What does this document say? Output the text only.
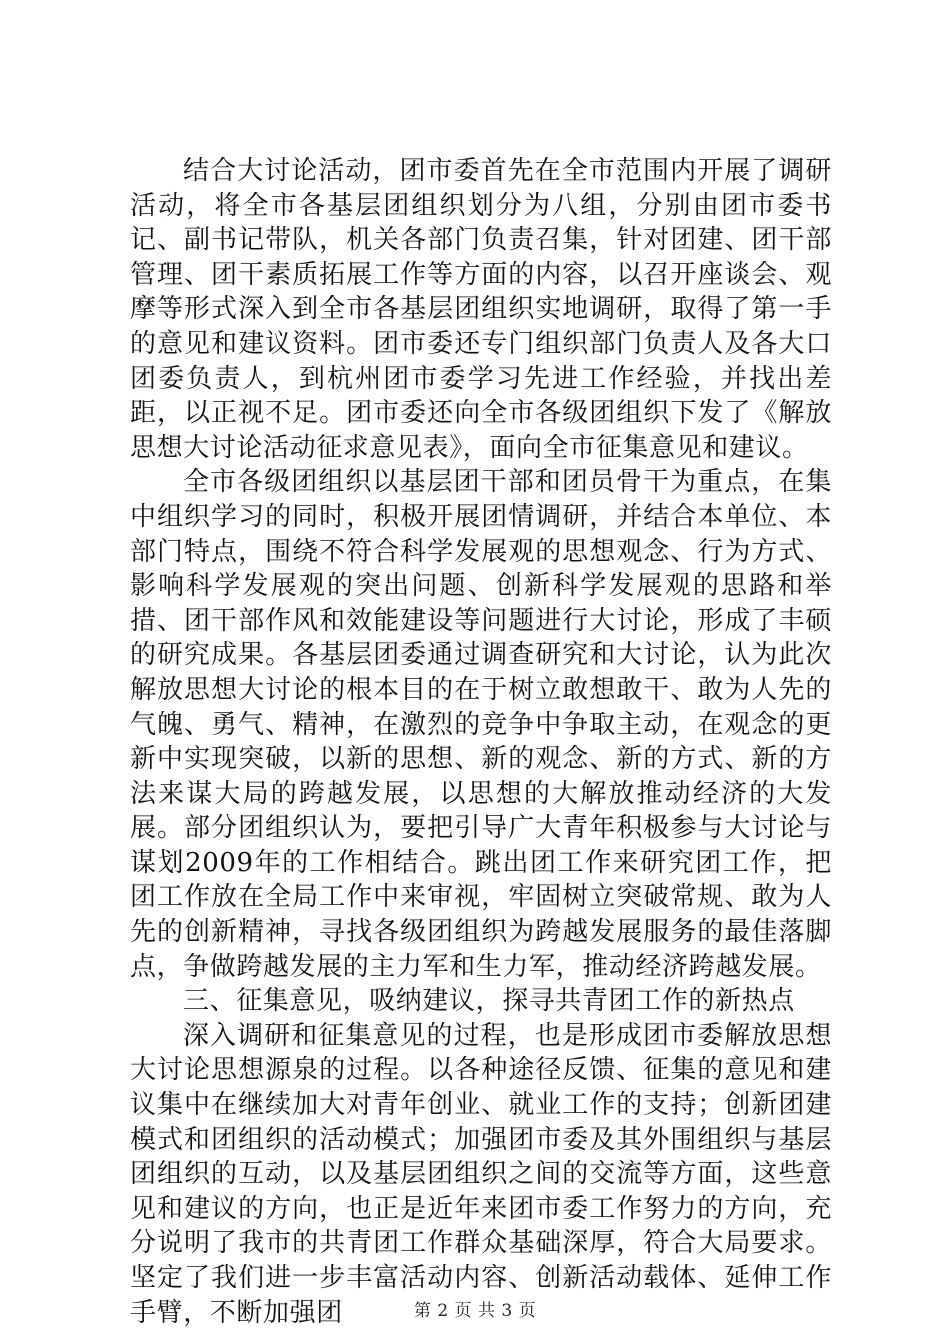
结合大讨论活动，团市委首先在全市范围内开展了调研活动，将全市各基层团组织划分为八组，分别由团市委书记、副书记带队，机关各部门负责召集，针对团建、团干部管理、团干素质拓展工作等方面的内容，以召开座谈会、观摩等形式深入到全市各基层团组织实地调研，取得了第一手的意见和建议资料。团市委还专门组织部门负责人及各大口团委负责人，到杭州团市委学习先进工作经验，并找出差距，以正视不足。团市委还向全市各级团组织下发了《解放思想大讨论活动征求意见表》，面向全市征集意见和建议。

全市各级团组织以基层团干部和团员骨干为重点，在集中组织学习的同时，积极开展团情调研，并结合本单位、本部门特点，围绕不符合科学发展观的思想观念、行为方式、影响科学发展观的突出问题、创新科学发展观的思路和举措、团干部作风和效能建设等问题进行大讨论，形成了丰硕的研究成果。各基层团委通过调查研究和大讨论，认为此次解放思想大讨论的根本目的在于树立敢想敢干、敢为人先的气魄、勇气、精神，在激烈的竞争中争取主动，在观念的更新中实现突破，以新的思想、新的观念、新的方式、新的方法来谋大局的跨越发展，以思想的大解放推动经济的大发展。部分团组织认为，要把引导广大青年积极参与大讨论与谋划2009年的工作相结合。跳出团工作来研究团工作，把团工作放在全局工作中来审视，牢固树立突破常规、敢为人先的创新精神，寻找各级团组织为跨越发展服务的最佳落脚点，争做跨越发展的主力军和生力军，推动经济跨越发展。

三、征集意见，吸纳建议，探寻共青团工作的新热点

深入调研和征集意见的过程，也是形成团市委解放思想大讨论思想源泉的过程。以各种途径反馈、征集的意见和建议集中在继续加大对青年创业、就业工作的支持；创新团建模式和团组织的活动模式；加强团市委及其外围组织与基层团组织的互动，以及基层团组织之间的交流等方面，这些意见和建议的方向，也正是近年来团市委工作努力的方向，充分说明了我市的共青团工作群众基础深厚，符合大局要求。坚定了我们进一步丰富活动内容、创新活动载体、延伸工作手臂，不断加强团	第 2 页 共 3 页
